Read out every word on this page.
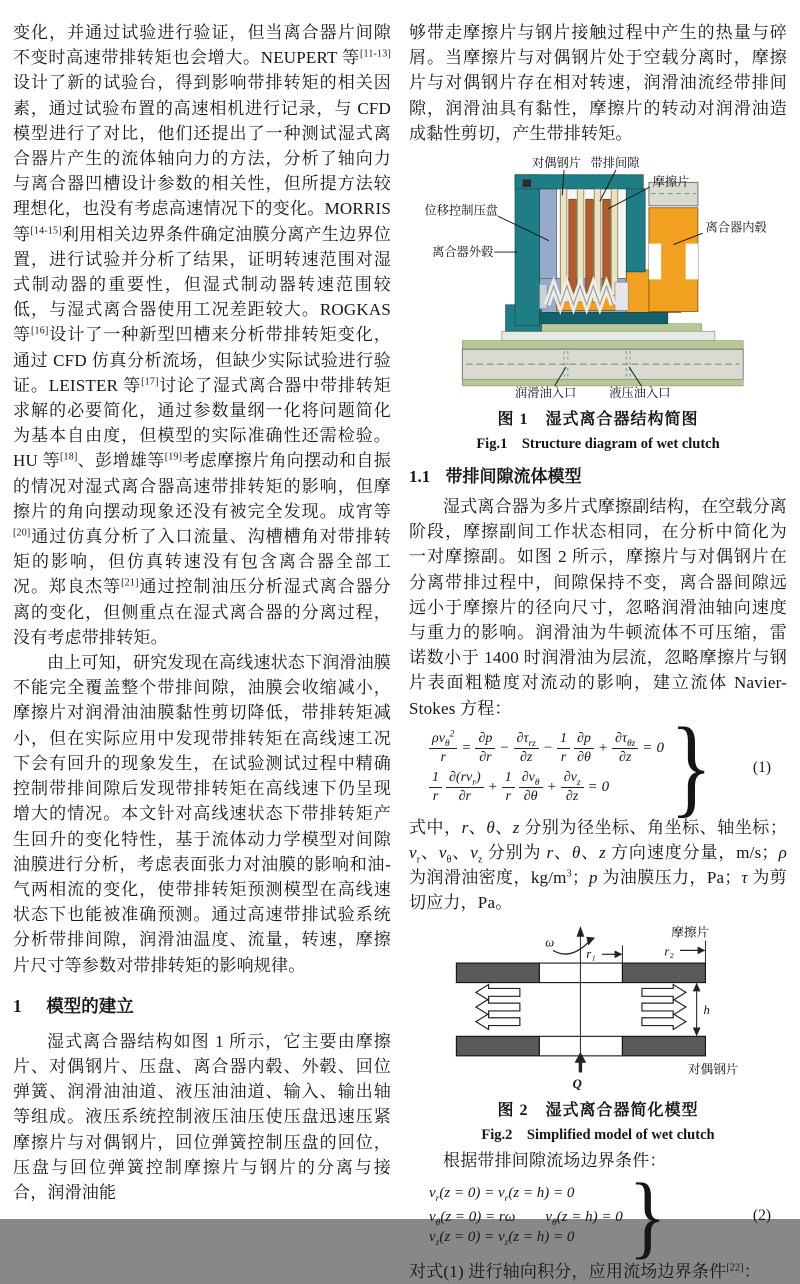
变化，并通过试验进行验证，但当离合器片间隙不变时高速带排转矩也会增大。NEUPERT 等[11-13]设计了新的试验台，得到影响带排转矩的相关因素，通过试验布置的高速相机进行记录，与 CFD 模型进行了对比，他们还提出了一种测试湿式离合器片产生的流体轴向力的方法，分析了轴向力与离合器凹槽设计参数的相关性，但所提方法较理想化，也没有考虑高速情况下的变化。MORRIS 等[14-15]利用相关边界条件确定油膜分离产生边界位置，进行试验并分析了结果，证明转速范围对湿式制动器的重要性，但湿式制动器转速范围较低，与湿式离合器使用工况差距较大。ROGKAS 等[16]设计了一种新型凹槽来分析带排转矩变化，通过 CFD 仿真分析流场，但缺少实际试验进行验证。LEISTER 等[17]讨论了湿式离合器中带排转矩求解的必要简化，通过参数量纲一化将问题简化为基本自由度，但模型的实际准确性还需检验。HU 等[18]、彭增雄等[19]考虑摩擦片角向摆动和自振的情况对湿式离合器高速带排转矩的影响，但摩擦片的角向摆动现象还没有被完全发现。成宵等[20]通过仿真分析了入口流量、沟槽槽角对带排转矩的影响，但仿真转速没有包含离合器全部工况。郑良杰等[21]通过控制油压分析湿式离合器分离的变化，但侧重点在湿式离合器的分离过程，没有考虑带排转矩。

由上可知，研究发现在高线速状态下润滑油膜不能完全覆盖整个带排间隙，油膜会收缩减小，摩擦片对润滑油油膜黏性剪切降低，带排转矩减小，但在实际应用中发现带排转矩在高线速工况下会有回升的现象发生，在试验测试过程中精确控制带排间隙后发现带排转矩在高线速下仍呈现增大的情况。本文针对高线速状态下带排转矩产生回升的变化特性，基于流体动力学模型对间隙油膜进行分析，考虑表面张力对油膜的影响和油-气两相流的变化，使带排转矩预测模型在高线速状态下也能被准确预测。通过高速带排试验系统分析带排间隙，润滑油温度、流量，转速，摩擦片尺寸等参数对带排转矩的影响规律。

1 模型的建立

湿式离合器结构如图 1 所示，它主要由摩擦片、对偶钢片、压盘、离合器内毂、外毂、回位弹簧、润滑油油道、液压油油道、输入、输出轴等组成。液压系统控制液压油压使压盘迅速压紧摩擦片与对偶钢片，回位弹簧控制压盘的回位，压盘与回位弹簧控制摩擦片与钢片的分离与接合，润滑油能

够带走摩擦片与钢片接触过程中产生的热量与碎屑。当摩擦片与对偶钢片处于空载分离时，摩擦片与对偶钢片存在相对转速，润滑油流经带排间隙，润滑油具有黏性，摩擦片的转动对润滑油造成黏性剪切，产生带排转矩。

对偶钢片 带排间隙
摩擦片
位移控制压盘
离合器外毂
离合器内毂
润滑油入口	液压油入口
图 1　湿式离合器结构简图
Fig.1　Structure diagram of wet clutch
1.1 带排间隙流体模型

湿式离合器为多片式摩擦副结构，在空载分离阶段，摩擦副间工作状态相同，在分析中简化为一对摩擦副。如图 2 所示，摩擦片与对偶钢片在分离带排过程中，间隙保持不变，离合器间隙远远小于摩擦片的径向尺寸，忽略润滑油轴向速度与重力的影响。润滑油为牛顿流体不可压缩，雷诺数小于 1400 时润滑油为层流，忽略摩擦片与钢片表面粗糙度对流动的影响，建立流体 Navier-Stokes 方程：

$\frac{\rho v_\theta^2}{r} = \frac{\partial p}{\partial r} - \frac{\partial\tau_{rz}}{\partial z} - \frac{1}{r} \frac{\partial p}{\partial\theta} + \frac{\partial\tau_{\theta z}}{\partial z} = 0$
$\frac{1}{r} \frac{\partial(rv_r)}{\partial r} + \frac{1}{r} \frac{\partial v_\theta}{\partial\theta} + \frac{\partial v_z}{\partial z} = 0$ }	(1)

式中，r、θ、z 分别为径坐标、角坐标、轴坐标；$v_r$、$v_\theta$、$v_z$ 分别为 r、θ、z 方向速度分量，m/s；ρ 为润滑油密度，$kg/m^3$；p 为油膜压力，Pa；τ 为剪切应力，Pa。

摩擦片
对偶钢片
ω
r₁	r₂
h
Q
图 2　湿式离合器简化模型
Fig.2　Simplified model of wet clutch

根据带排间隙流场边界条件：

$v_r(z = 0) = v_r(z = h) = 0$
$v_\theta(z = 0) = r\omega$　　$v_\theta(z = h) = 0$
$v_z(z = 0) = v_z(z = h) = 0$ }	(2)

对式(1) 进行轴向积分，应用流场边界条件[22]：
